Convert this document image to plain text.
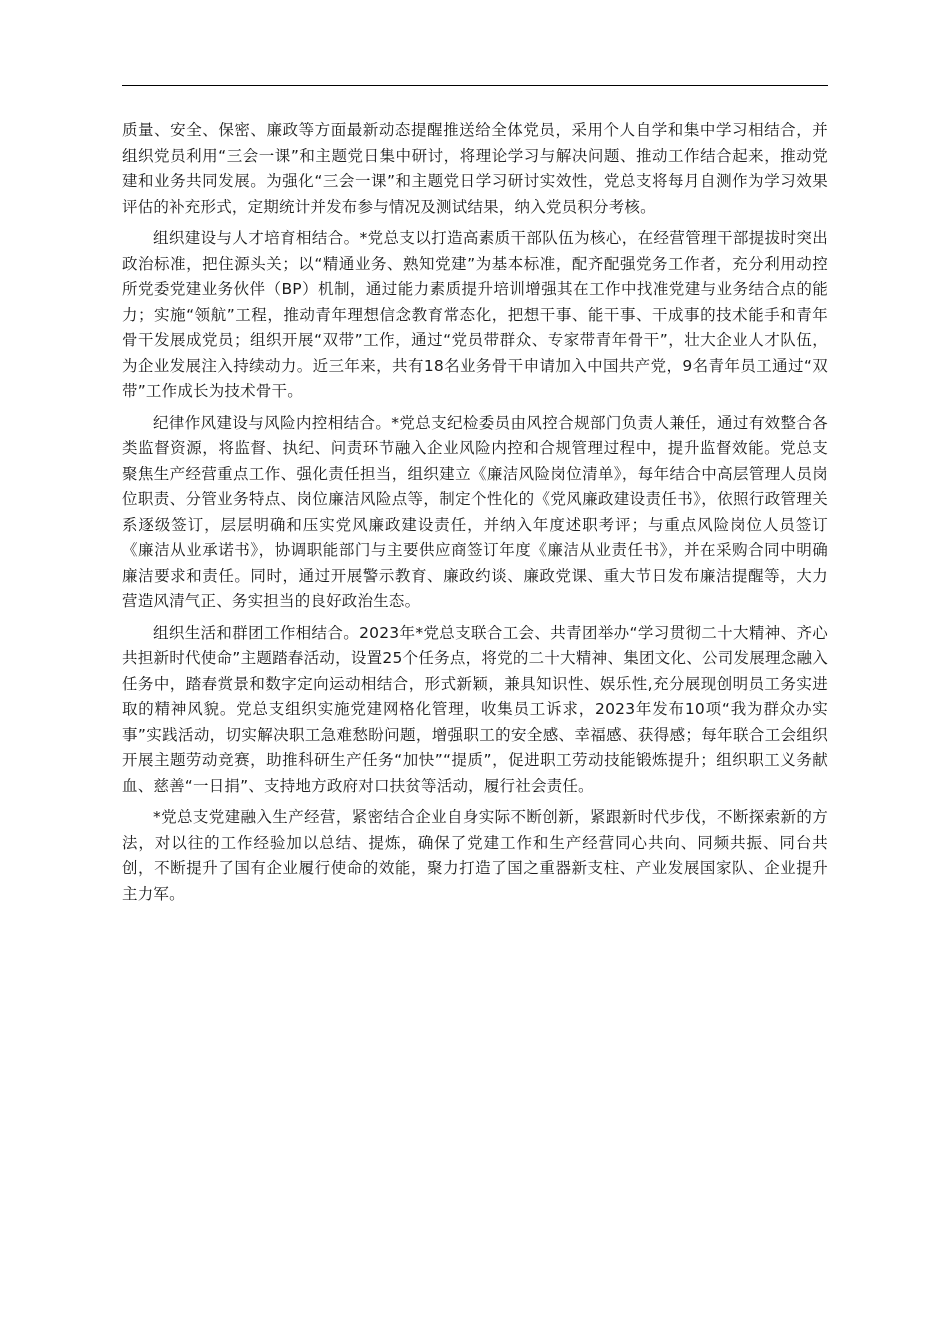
质量、安全、保密、廉政等方面最新动态提醒推送给全体党员，采用个人自学和集中学习相结合，并组织党员利用“三会一课”和主题党日集中研讨，将理论学习与解决问题、推动工作结合起来，推动党建和业务共同发展。为强化“三会一课”和主题党日学习研讨实效性，党总支将每月自测作为学习效果评估的补充形式，定期统计并发布参与情况及测试结果，纳入党员积分考核。

组织建设与人才培育相结合。*党总支以打造高素质干部队伍为核心，在经营管理干部提拔时突出政治标准，把住源头关；以“精通业务、熟知党建”为基本标准，配齐配强党务工作者，充分利用动控所党委党建业务伙伴（BP）机制，通过能力素质提升培训增强其在工作中找准党建与业务结合点的能力；实施“领航”工程，推动青年理想信念教育常态化，把想干事、能干事、干成事的技术能手和青年骨干发展成党员；组织开展“双带”工作，通过“党员带群众、专家带青年骨干”，壮大企业人才队伍，为企业发展注入持续动力。近三年来，共有18名业务骨干申请加入中国共产党，9名青年员工通过“双带”工作成长为技术骨干。

纪律作风建设与风险内控相结合。*党总支纪检委员由风控合规部门负责人兼任，通过有效整合各类监督资源，将监督、执纪、问责环节融入企业风险内控和合规管理过程中，提升监督效能。党总支聚焦生产经营重点工作、强化责任担当，组织建立《廉洁风险岗位清单》，每年结合中高层管理人员岗位职责、分管业务特点、岗位廉洁风险点等，制定个性化的《党风廉政建设责任书》，依照行政管理关系逐级签订，层层明确和压实党风廉政建设责任，并纳入年度述职考评；与重点风险岗位人员签订《廉洁从业承诺书》，协调职能部门与主要供应商签订年度《廉洁从业责任书》，并在采购合同中明确廉洁要求和责任。同时，通过开展警示教育、廉政约谈、廉政党课、重大节日发布廉洁提醒等，大力营造风清气正、务实担当的良好政治生态。

组织生活和群团工作相结合。2023年*党总支联合工会、共青团举办“学习贯彻二十大精神、齐心共担新时代使命”主题踏春活动，设置25个任务点，将党的二十大精神、集团文化、公司发展理念融入任务中，踏春赏景和数字定向运动相结合，形式新颖，兼具知识性、娱乐性,充分展现创明员工务实进取的精神风貌。党总支组织实施党建网格化管理，收集员工诉求，2023年发布10项“我为群众办实事”实践活动，切实解决职工急难愁盼问题，增强职工的安全感、幸福感、获得感；每年联合工会组织开展主题劳动竞赛，助推科研生产任务“加快”“提质”，促进职工劳动技能锻炼提升；组织职工义务献血、慈善“一日捐”、支持地方政府对口扶贫等活动，履行社会责任。

*党总支党建融入生产经营，紧密结合企业自身实际不断创新，紧跟新时代步伐，不断探索新的方法，对以往的工作经验加以总结、提炼，确保了党建工作和生产经营同心共向、同频共振、同台共创，不断提升了国有企业履行使命的效能，聚力打造了国之重器新支柱、产业发展国家队、企业提升主力军。
